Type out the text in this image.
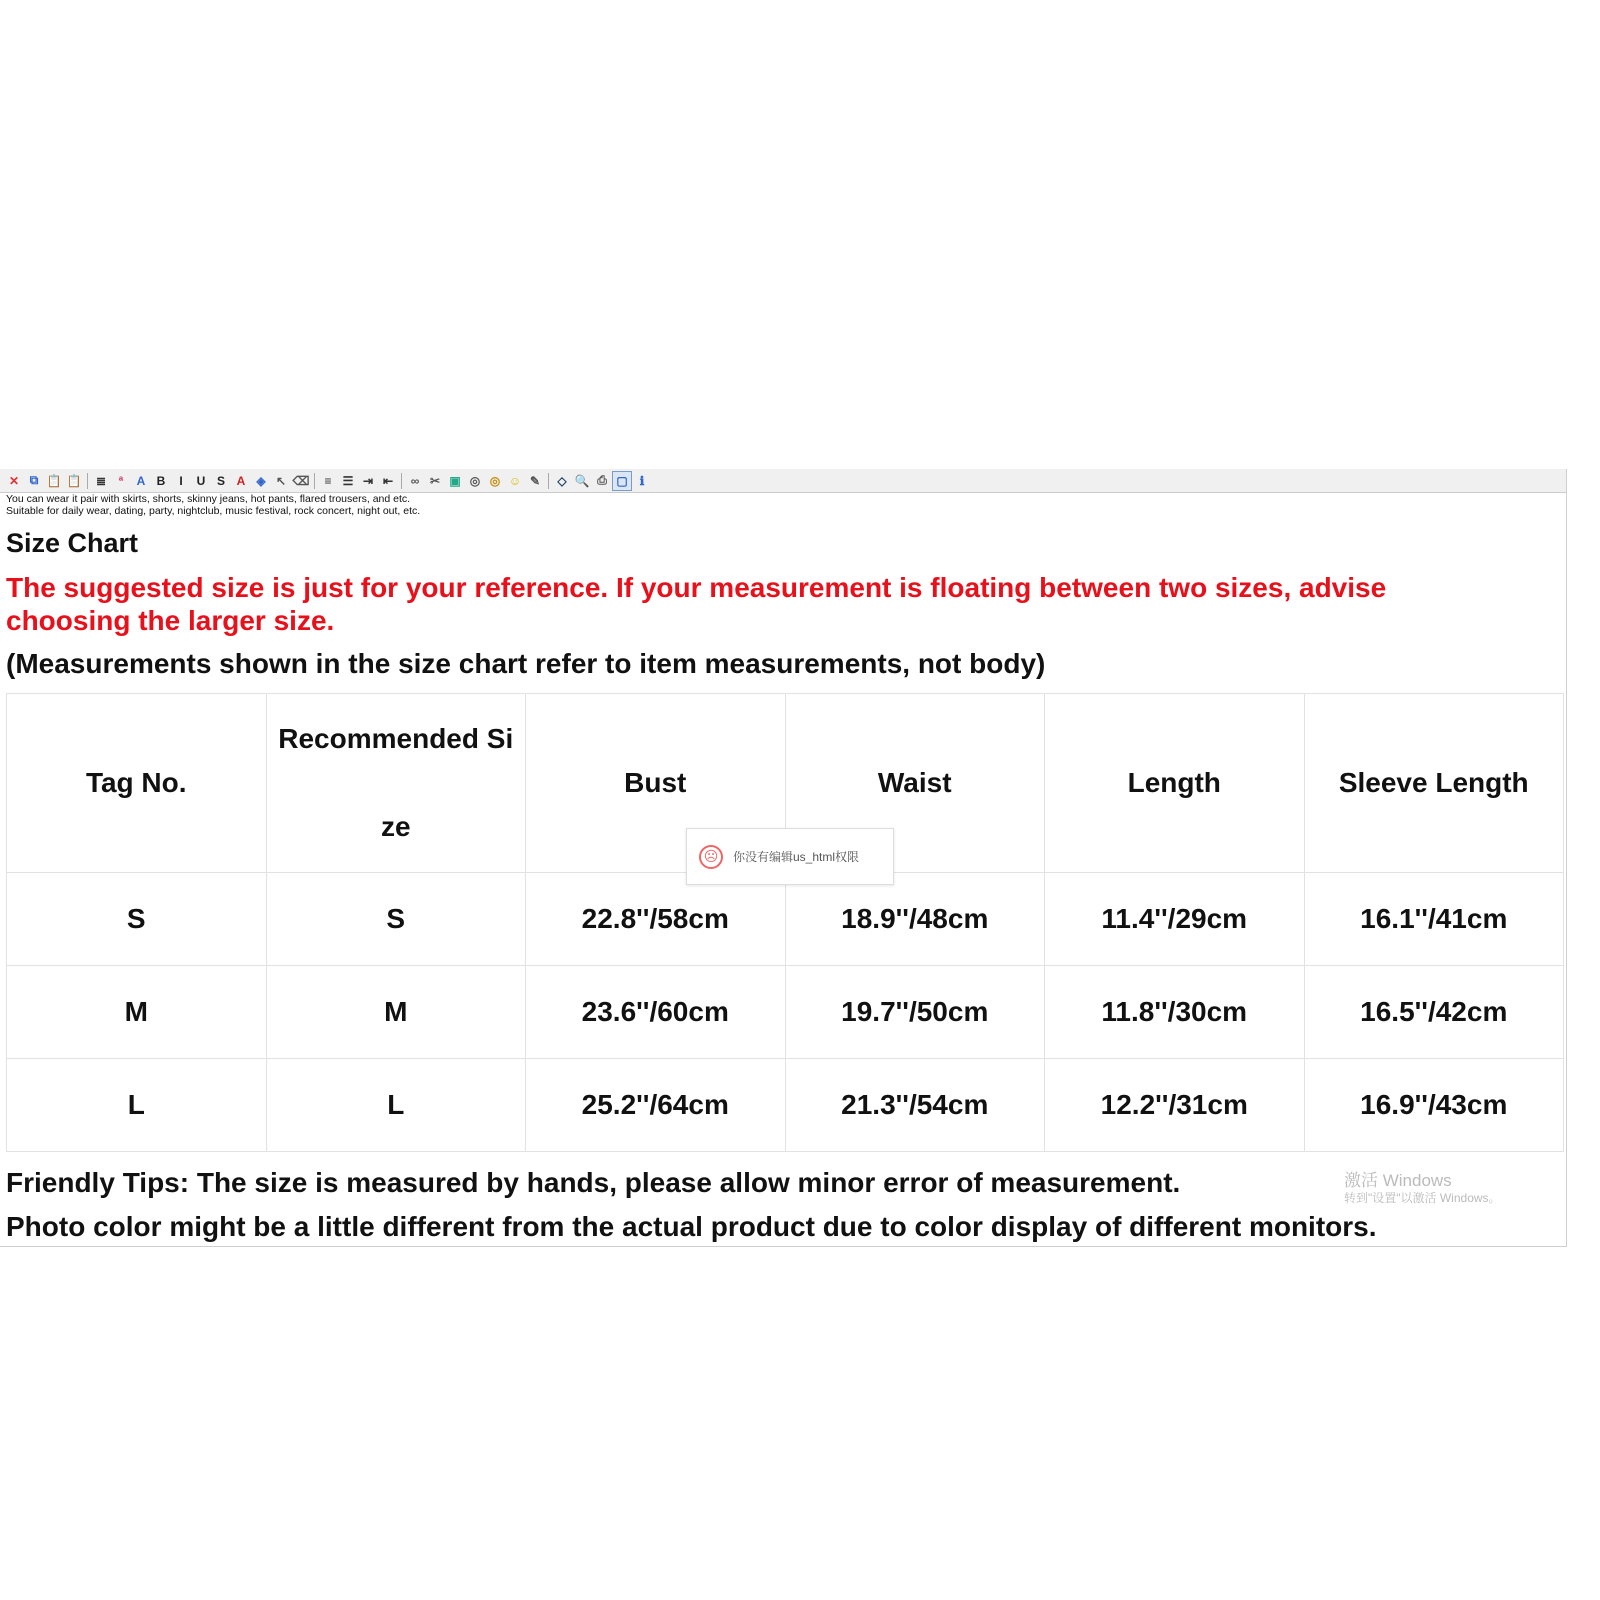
✕ ⧉ 📋 📋	≣	ª	A B	I	U S A ◈ ↖ ⌫	≡ ☰ ⇥ ⇤	∞ ✂ ▣ ◎ ◎ ☺ ✎	◇ 🔍 ⎙ ▢	ℹ
You can wear it pair with skirts, shorts, skinny jeans, hot pants, flared trousers, and etc.
Suitable for daily wear, dating, party, nightclub, music festival, rock concert, night out, etc.
Size Chart
The suggested size is just for your reference. If your measurement is floating between two sizes, advise choosing the larger size.
(Measurements shown in the size chart refer to item measurements, not body)
Tag No.	Recommended Size	Bust	Waist	Length	Sleeve Length
S	S	22.8''/58cm	18.9''/48cm	11.4''/29cm	16.1''/41cm
M	M	23.6''/60cm	19.7''/50cm	11.8''/30cm	16.5''/42cm
L	L	25.2''/64cm	21.3''/54cm	12.2''/31cm	16.9''/43cm
☹	你没有编辑us_html权限
Friendly Tips: The size is measured by hands, please allow minor error of measurement.
Photo color might be a little different from the actual product due to color display of different monitors.
激活 Windows
转到"设置"以激活 Windows。
